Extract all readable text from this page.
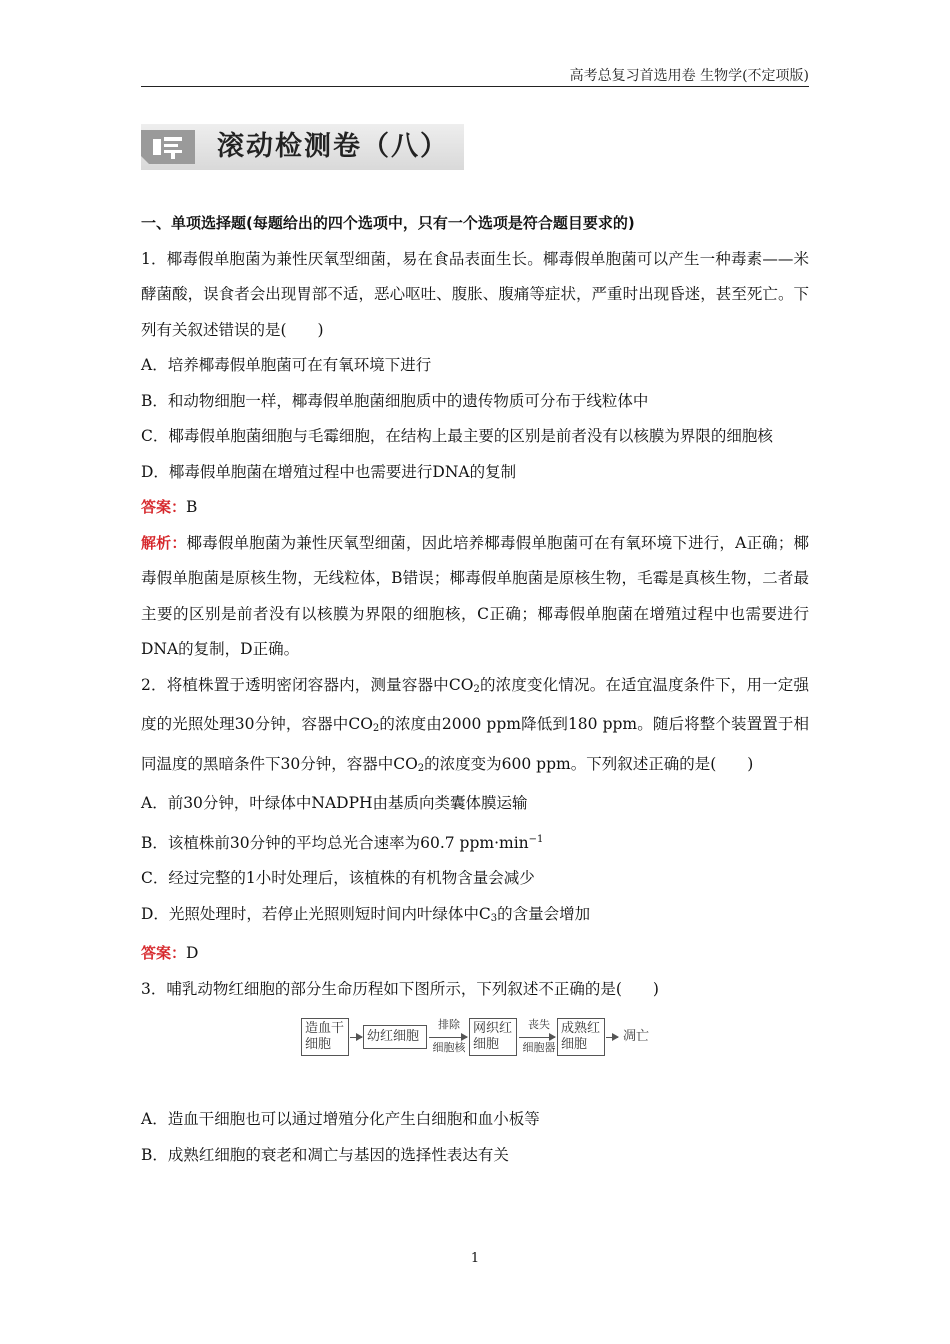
高考总复习首选用卷 生物学(不定项版)
滚动检测卷（八）

一、单项选择题(每题给出的四个选项中，只有一个选项是符合题目要求的)

1．椰毒假单胞菌为兼性厌氧型细菌，易在食品表面生长。椰毒假单胞菌可以产生一种毒素——米酵菌酸，误食者会出现胃部不适，恶心呕吐、腹胀、腹痛等症状，严重时出现昏迷，甚至死亡。下列有关叙述错误的是(　　)

A．培养椰毒假单胞菌可在有氧环境下进行

B．和动物细胞一样，椰毒假单胞菌细胞质中的遗传物质可分布于线粒体中

C．椰毒假单胞菌细胞与毛霉细胞，在结构上最主要的区别是前者没有以核膜为界限的细胞核

D．椰毒假单胞菌在增殖过程中也需要进行DNA的复制

答案：B

解析：椰毒假单胞菌为兼性厌氧型细菌，因此培养椰毒假单胞菌可在有氧环境下进行，A正确；椰毒假单胞菌是原核生物，无线粒体，B错误；椰毒假单胞菌是原核生物，毛霉是真核生物，二者最主要的区别是前者没有以核膜为界限的细胞核，C正确；椰毒假单胞菌在增殖过程中也需要进行DNA的复制，D正确。

2．将植株置于透明密闭容器内，测量容器中$CO_2$的浓度变化情况。在适宜温度条件下，用一定强度的光照处理30分钟，容器中$CO_2$的浓度由2000 ppm降低到180 ppm。随后将整个装置置于相同温度的黑暗条件下30分钟，容器中$CO_2$的浓度变为600 ppm。下列叙述正确的是(　　)

A．前30分钟，叶绿体中NADPH由基质向类囊体膜运输

B．该植株前30分钟的平均总光合速率为60.7 $ppm\cdot\min^{-1}$

C．经过完整的1小时处理后，该植株的有机物含量会减少

D．光照处理时，若停止光照则短时间内叶绿体中$C_3$的含量会增加

答案：D

3．哺乳动物红细胞的部分生命历程如下图所示，下列叙述不正确的是(　　)

造血干
细胞
幼红细胞
排除
细胞核
网织红
细胞
丧失
细胞器
成熟红
细胞
凋亡

A．造血干细胞也可以通过增殖分化产生白细胞和血小板等

B．成熟红细胞的衰老和凋亡与基因的选择性表达有关

1
